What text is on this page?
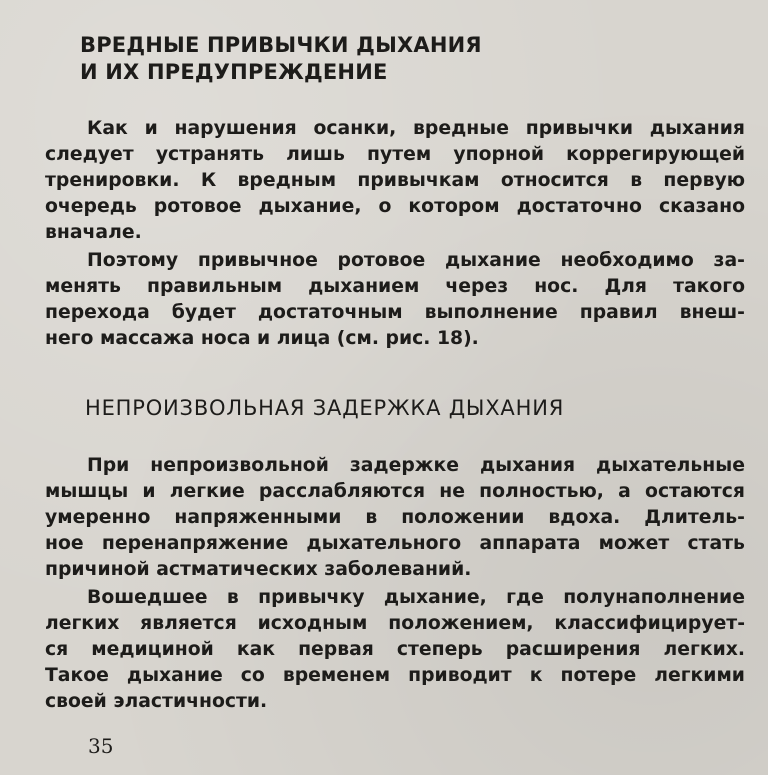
ВРЕДНЫЕ ПРИВЫЧКИ ДЫХАНИЯ
И ИХ ПРЕДУПРЕЖДЕНИЕ
Как и нарушения осанки, вредные привычки дыхания
следует устранять лишь путем упорной коррегирующей
тренировки. К вредным привычкам относится в первую
очередь ротовое дыхание, о котором достаточно сказано
вначале.
Поэтому привычное ротовое дыхание необходимо за-
менять правильным дыханием через нос. Для такого
перехода будет достаточным выполнение правил внеш-
него массажа носа и лица (см. рис. 18).
НЕПРОИЗВОЛЬНАЯ ЗАДЕРЖКА ДЫХАНИЯ
При непроизвольной задержке дыхания дыхательные
мышцы и легкие расслабляются не полностью, а остаются
умеренно напряженными в положении вдоха. Длитель-
ное перенапряжение дыхательного аппарата может стать
причиной астматических заболеваний.
Вошедшее в привычку дыхание, где полунаполнение
легких является исходным положением, классифицирует-
ся медициной как первая степерь расширения легких.
Такое дыхание со временем приводит к потере легкими
своей эластичности.
35
